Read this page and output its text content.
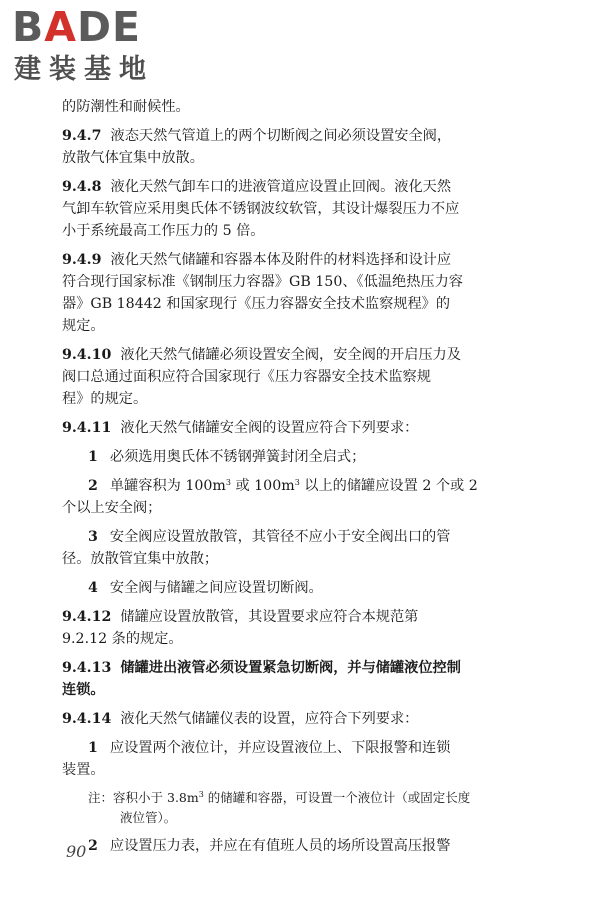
BADE
建装基地
的防潮性和耐候性。
9.4.7 液态天然气管道上的两个切断阀之间必须设置安全阀，
放散气体宜集中放散。
9.4.8 液化天然气卸车口的进液管道应设置止回阀。液化天然
气卸车软管应采用奥氏体不锈钢波纹软管，其设计爆裂压力不应
小于系统最高工作压力的 5 倍。
9.4.9 液化天然气储罐和容器本体及附件的材料选择和设计应
符合现行国家标准《钢制压力容器》GB 150、《低温绝热压力容
器》GB 18442 和国家现行《压力容器安全技术监察规程》的
规定。
9.4.10 液化天然气储罐必须设置安全阀，安全阀的开启压力及
阀口总通过面积应符合国家现行《压力容器安全技术监察规
程》的规定。
9.4.11 液化天然气储罐安全阀的设置应符合下列要求：
1 必须选用奥氏体不锈钢弹簧封闭全启式；
2 单罐容积为 $100m^3$ 或 $100m^3$ 以上的储罐应设置 2 个或 2
个以上安全阀；
3 安全阀应设置放散管，其管径不应小于安全阀出口的管
径。放散管宜集中放散；
4 安全阀与储罐之间应设置切断阀。
9.4.12 储罐应设置放散管，其设置要求应符合本规范第
9.2.12 条的规定。
9.4.13 储罐进出液管必须设置紧急切断阀，并与储罐液位控制
连锁。
9.4.14 液化天然气储罐仪表的设置，应符合下列要求：
1 应设置两个液位计，并应设置液位上、下限报警和连锁
装置。
注：容积小于 $3.8m^3$ 的储罐和容器，可设置一个液位计（或固定长度
液位管）。
2 应设置压力表，并应在有值班人员的场所设置高压报警
90
